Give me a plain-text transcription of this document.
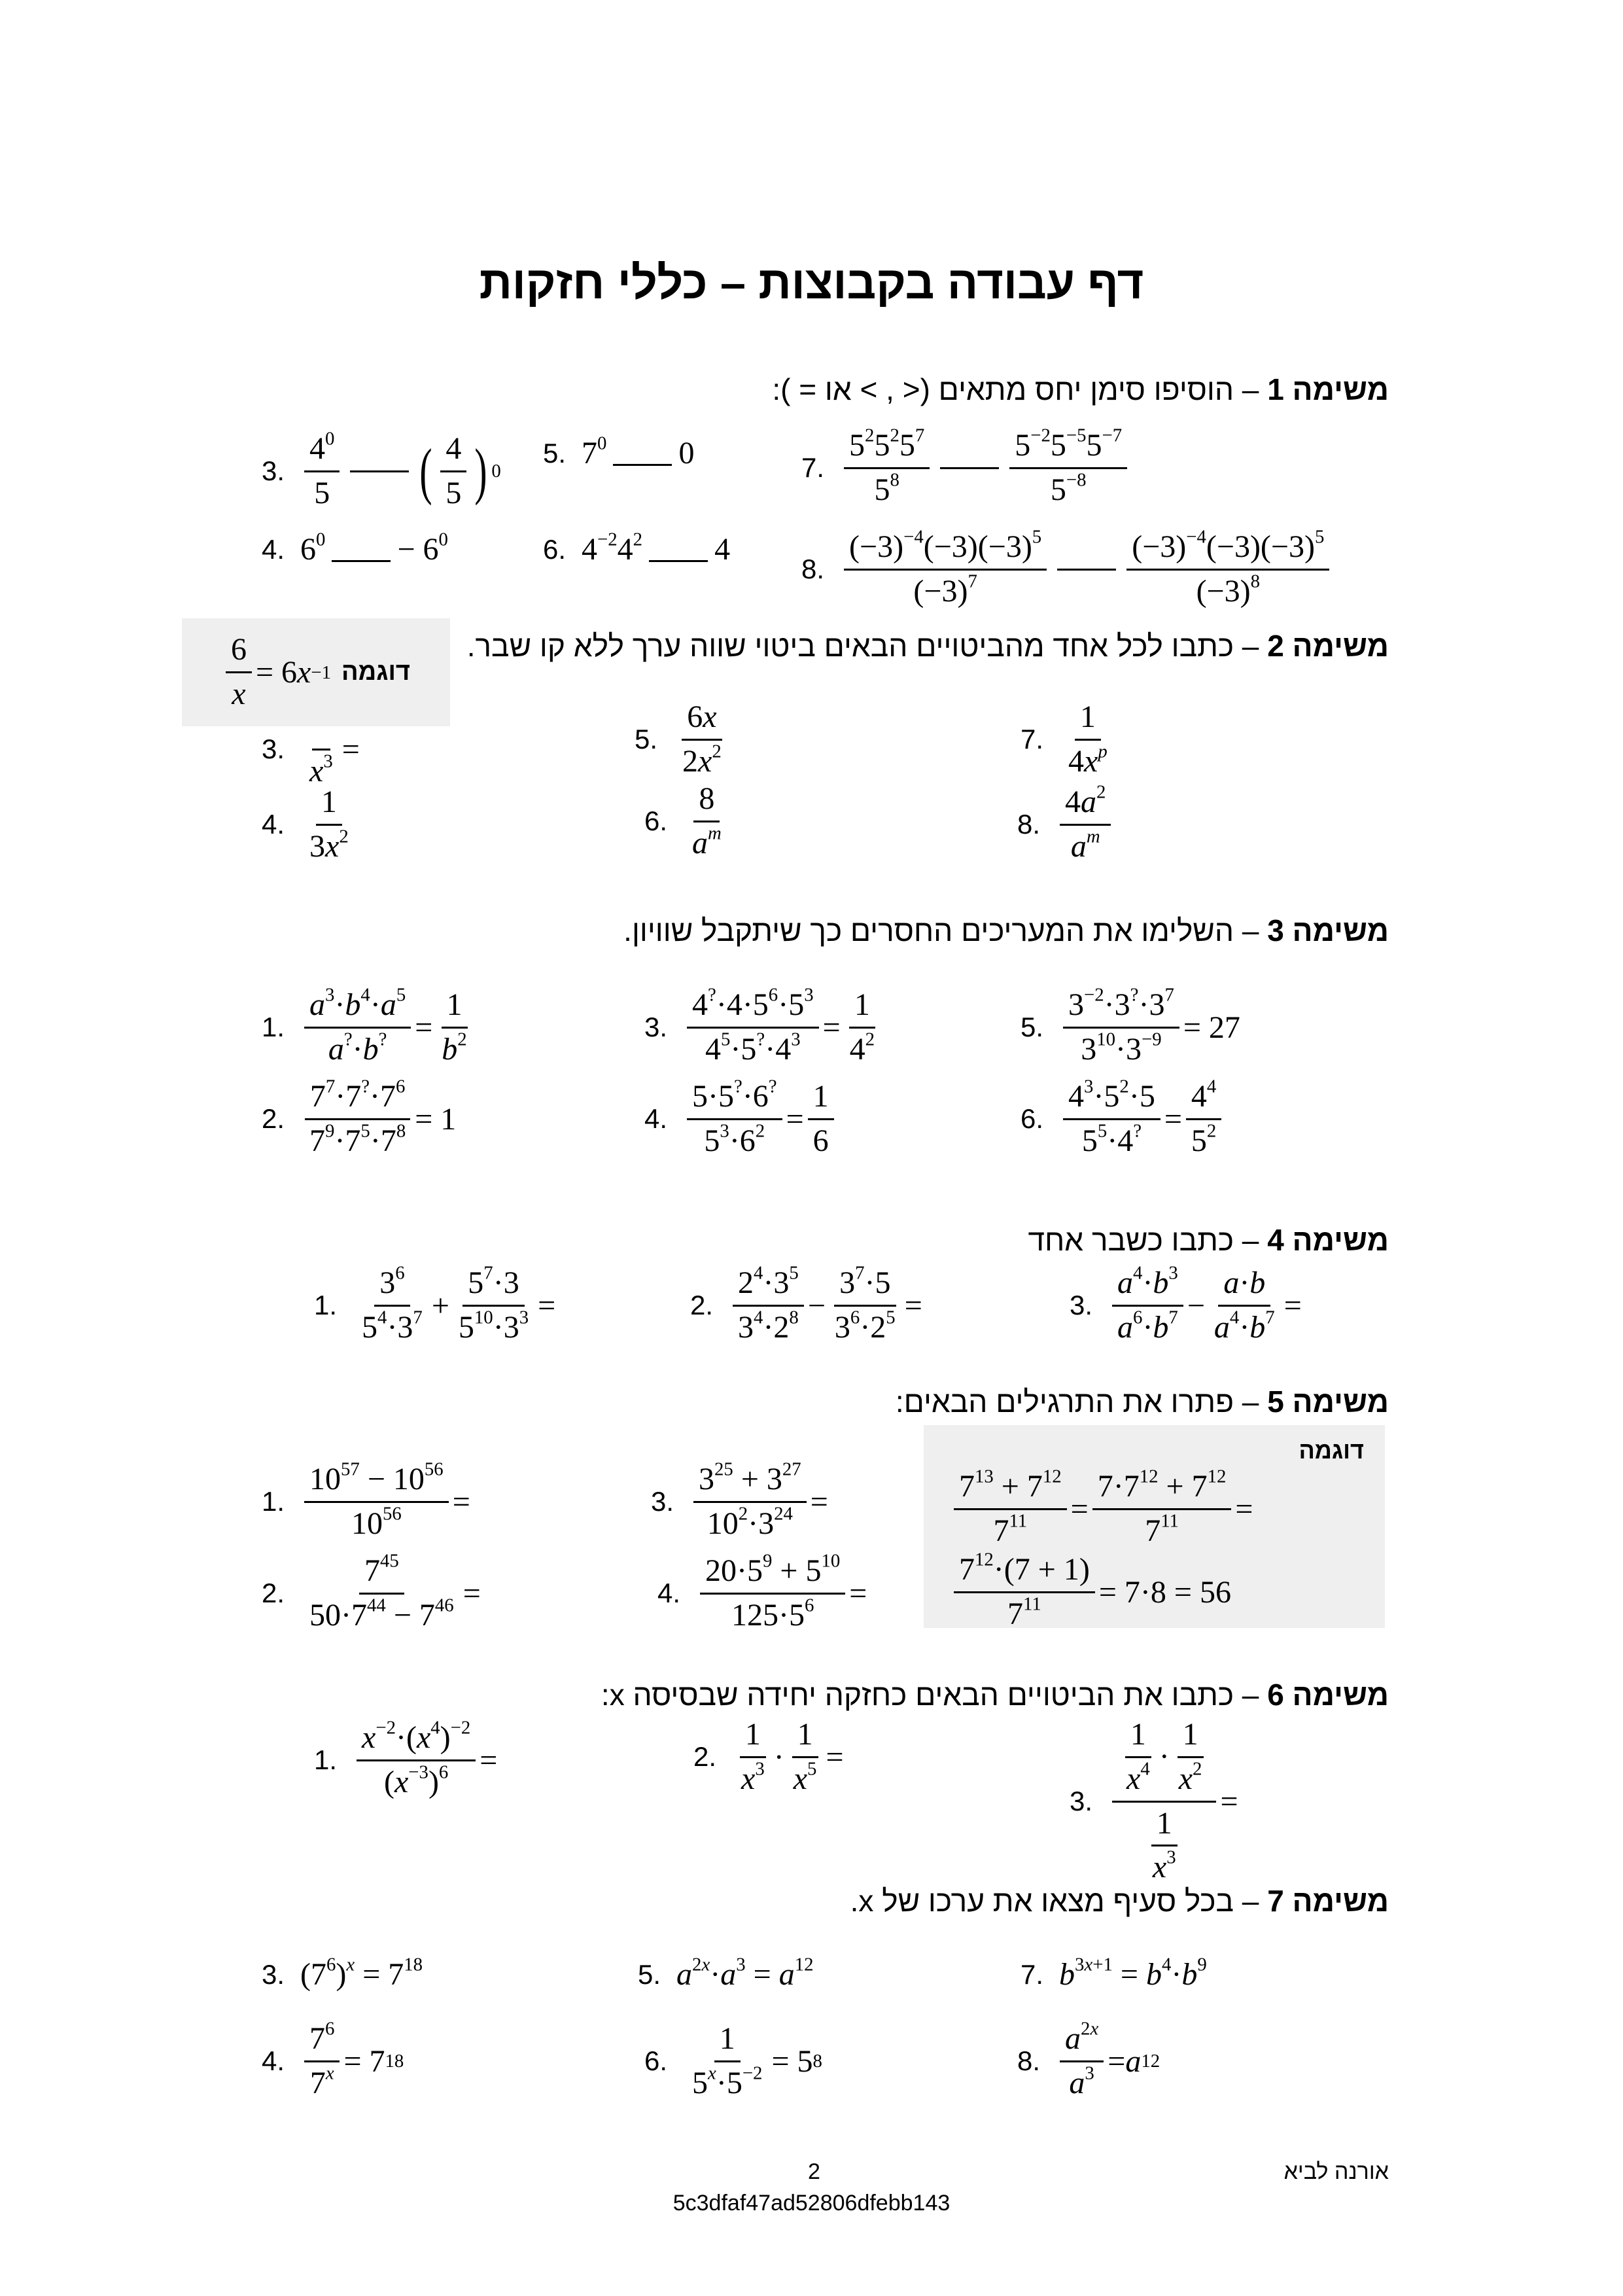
דף עבודה בקבוצות – כללי חזקות
משימה 1 – הוסיפו סימן יחס מתאים (< , > או = ):
3. $\frac{4^0}{5}$ ( $\frac{4}{5}$ ) 0
5. $7^0$ 0	7. $\frac{5^25^25^7}{5^8}$	$\frac{5^{-2}5^{-5}5^{-7}}{5^{-8}}$
4. $6^0 - 6^0$	6. $4^{-2}4^2$ 4
8. $\frac{(-3)^{-4}(-3)(-3)^5}{(-3)^7}$	$\frac{(-3)^{-4}(-3)(-3)^5}{(-3)^8}$
משימה 2 – כתבו לכל אחד מהביטויים הבאים ביטוי שווה ערך ללא קו שבר.
דוגמה
$\frac{6}{x} = 6$ x −1
3.

$x^3$ =
4. $\frac{1}{3x^2}$
5. $\frac{6x}{2x^2}$
6. $\frac{8}{a^m}$
7. $\frac{1}{4x^p}$
8. $\frac{4a^2}{a^m}$
משימה 3 – השלימו את המעריכים החסרים כך שיתקבל שוויון.
1. $\frac{a^3\cdot b^4\cdot a^5}{a^?\cdot b^?} = \frac{1}{b^2}$
2. $\frac{7^7\cdot 7^?\cdot 7^6}{7^9\cdot 7^5\cdot 7^8} = 1$
3. $\frac{4^?\cdot 4\cdot 5^6\cdot 5^3}{4^5\cdot 5^?\cdot 4^3} = \frac{1}{4^2}$
4. $\frac{5\cdot 5^?\cdot 6^?}{5^3\cdot 6^2} = \frac{1}{6}$
5. $\frac{3^{-2}\cdot 3^?\cdot 3^7}{3^{10}\cdot 3^{-9}} = 27$
6. $\frac{4^3\cdot 5^2\cdot 5}{5^5\cdot 4^?} = \frac{4^4}{5^2}$
משימה 4 – כתבו כשבר אחד
1. $\frac{3^6}{5^4\cdot 3^7} + \frac{5^7\cdot 3}{5^{10}\cdot 3^3}$ =	2. $\frac{2^4\cdot 3^5}{3^4\cdot 2^8} - \frac{3^7\cdot 5}{3^6\cdot 2^5}$ =	3. $\frac{a^4\cdot b^3}{a^6\cdot b^7} - \frac{a\cdot b}{a^4\cdot b^7}$ =
משימה 5 – פתרו את התרגילים הבאים:
1. $\frac{10^{57} - 10^{56}}{10^{56}}$ =
2. $\frac{7^{45}}{50\cdot 7^{44} - 7^{46}}$ =
3. $\frac{3^{25} + 3^{27}}{10^2\cdot 3^{24}}$ =
4. $\frac{20\cdot 5^9 + 5^{10}}{125\cdot 5^6}$ =
דוגמה
$\frac{7^{13} + 7^{12}}{7^{11}} = \frac{7\cdot 7^{12} + 7^{12}}{7^{11}}$ =
$\frac{7^{12}\cdot(7 + 1)}{7^{11}} = 7\cdot 8 = 56$
משימה 6 – כתבו את הביטויים הבאים כחזקה יחידה שבסיסה x:
1. $\frac{x^{-2}\cdot(x^4)^{-2}}{(x^{-3})^6}$ =	2. $\frac{1}{x^3} \cdot \frac{1}{x^5}$ =
3. $\frac{\frac{1}{x^4} \cdot \frac{1}{x^2}}{\frac{1}{x^3}}$ =
משימה 7 – בכל סעיף מצאו את ערכו של x.
3. $(7^6)^x = 7^{18}$
4. $\frac{7^6}{7^x} = 7$ 18
5. $a^{2x}\cdot a^3 = a^{12}$
6. $\frac{1}{5^x\cdot 5^{-2}} = 5$ 8
7. $b^{3x+1} = b^4\cdot b^9$
8. $\frac{a^{2x}}{a^3} = a$ 12
2	אורנה לביא
5c3dfaf47ad52806dfebb143
